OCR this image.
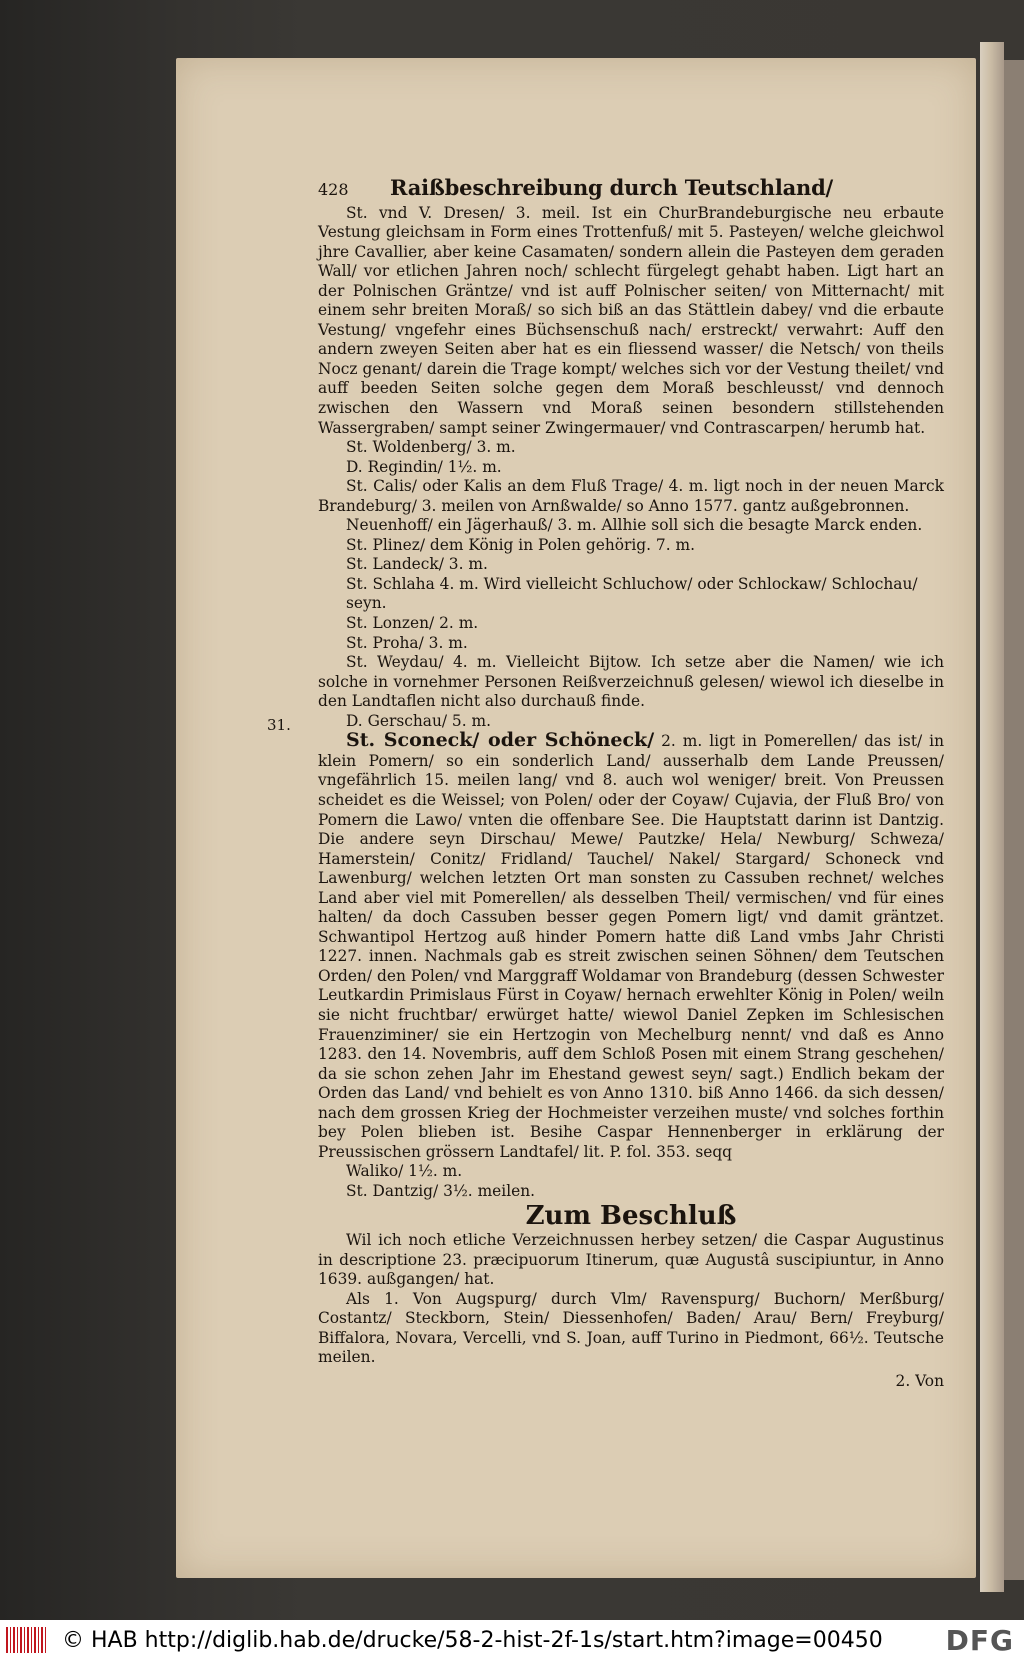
31.
428	Raißbeschreibung durch Teutschland/

St. vnd V. Dresen/ 3. meil. Ist ein ChurBrandeburgische neu erbaute Vestung gleichsam in Form eines Trottenfuß/ mit 5. Pasteyen/ welche gleichwol jhre Cavallier, aber keine Casamaten/ sondern allein die Pasteyen dem geraden Wall/ vor etlichen Jahren noch/ schlecht fürgelegt gehabt haben. Ligt hart an der Polnischen Gräntze/ vnd ist auff Polnischer seiten/ von Mitternacht/ mit einem sehr breiten Moraß/ so sich biß an das Stättlein dabey/ vnd die erbaute Vestung/ vngefehr eines Büchsenschuß nach/ erstreckt/ verwahrt: Auff den andern zweyen Seiten aber hat es ein fliessend wasser/ die Netsch/ von theils Nocz genant/ darein die Trage kompt/ welches sich vor der Vestung theilet/ vnd auff beeden Seiten solche gegen dem Moraß beschleusst/ vnd dennoch zwischen den Wassern vnd Moraß seinen besondern stillstehenden Wassergraben/ sampt seiner Zwingermauer/ vnd Contrascarpen/ herumb hat.

St. Woldenberg/ 3. m.

D. Regindin/ 1½. m.

St. Calis/ oder Kalis an dem Fluß Trage/ 4. m. ligt noch in der neuen Marck Brandeburg/ 3. meilen von Arnßwalde/ so Anno 1577. gantz außgebronnen.

Neuenhoff/ ein Jägerhauß/ 3. m. Allhie soll sich die besagte Marck enden.

St. Plinez/ dem König in Polen gehörig. 7. m.

St. Landeck/ 3. m.

St. Schlaha 4. m. Wird vielleicht Schluchow/ oder Schlockaw/ Schlochau/ seyn.

St. Lonzen/ 2. m.

St. Proha/ 3. m.

St. Weydau/ 4. m. Vielleicht Bijtow. Ich setze aber die Namen/ wie ich solche in vornehmer Personen Reißverzeichnuß gelesen/ wiewol ich dieselbe in den Landtaflen nicht also durchauß finde.

D. Gerschau/ 5. m.

St. Sconeck/ oder Schöneck/ 2. m. ligt in Pomerellen/ das ist/ in klein Pomern/ so ein sonderlich Land/ ausserhalb dem Lande Preussen/ vngefährlich 15. meilen lang/ vnd 8. auch wol weniger/ breit. Von Preussen scheidet es die Weissel; von Polen/ oder der Coyaw/ Cujavia, der Fluß Bro/ von Pomern die Lawo/ vnten die offenbare See. Die Hauptstatt darinn ist Dantzig. Die andere seyn Dirschau/ Mewe/ Pautzke/ Hela/ Newburg/ Schweza/ Hamerstein/ Conitz/ Fridland/ Tauchel/ Nakel/ Stargard/ Schoneck vnd Lawenburg/ welchen letzten Ort man sonsten zu Cassuben rechnet/ welches Land aber viel mit Pomerellen/ als desselben Theil/ vermischen/ vnd für eines halten/ da doch Cassuben besser gegen Pomern ligt/ vnd damit gräntzet. Schwantipol Hertzog auß hinder Pomern hatte diß Land vmbs Jahr Christi 1227. innen. Nachmals gab es streit zwischen seinen Söhnen/ dem Teutschen Orden/ den Polen/ vnd Marggraff Woldamar von Brandeburg (dessen Schwester Leutkardin Primislaus Fürst in Coyaw/ hernach erwehlter König in Polen/ weiln sie nicht fruchtbar/ erwürget hatte/ wiewol Daniel Zepken im Schlesischen Frauenziminer/ sie ein Hertzogin von Mechelburg nennt/ vnd daß es Anno 1283. den 14. Novembris, auff dem Schloß Posen mit einem Strang geschehen/ da sie schon zehen Jahr im Ehestand gewest seyn/ sagt.) Endlich bekam der Orden das Land/ vnd behielt es von Anno 1310. biß Anno 1466. da sich dessen/ nach dem grossen Krieg der Hochmeister verzeihen muste/ vnd solches forthin bey Polen blieben ist. Besihe Caspar Hennenberger in erklärung der Preussischen grössern Landtafel/ lit. P. fol. 353. seqq

Waliko/ 1½. m.

St. Dantzig/ 3½. meilen.

Zum Beschluß

Wil ich noch etliche Verzeichnussen herbey setzen/ die Caspar Augustinus in descriptione 23. præcipuorum Itinerum, quæ Augustâ suscipiuntur, in Anno 1639. außgangen/ hat.

Als 1. Von Augspurg/ durch Vlm/ Ravenspurg/ Buchorn/ Merßburg/ Costantz/ Steckborn, Stein/ Diessenhofen/ Baden/ Arau/ Bern/ Freyburg/ Biffalora, Novara, Vercelli, vnd S. Joan, auff Turino in Piedmont, 66½. Teutsche meilen.

2. Von
© HAB http://diglib.hab.de/drucke/58-2-hist-2f-1s/start.htm?image=00450 DFG
